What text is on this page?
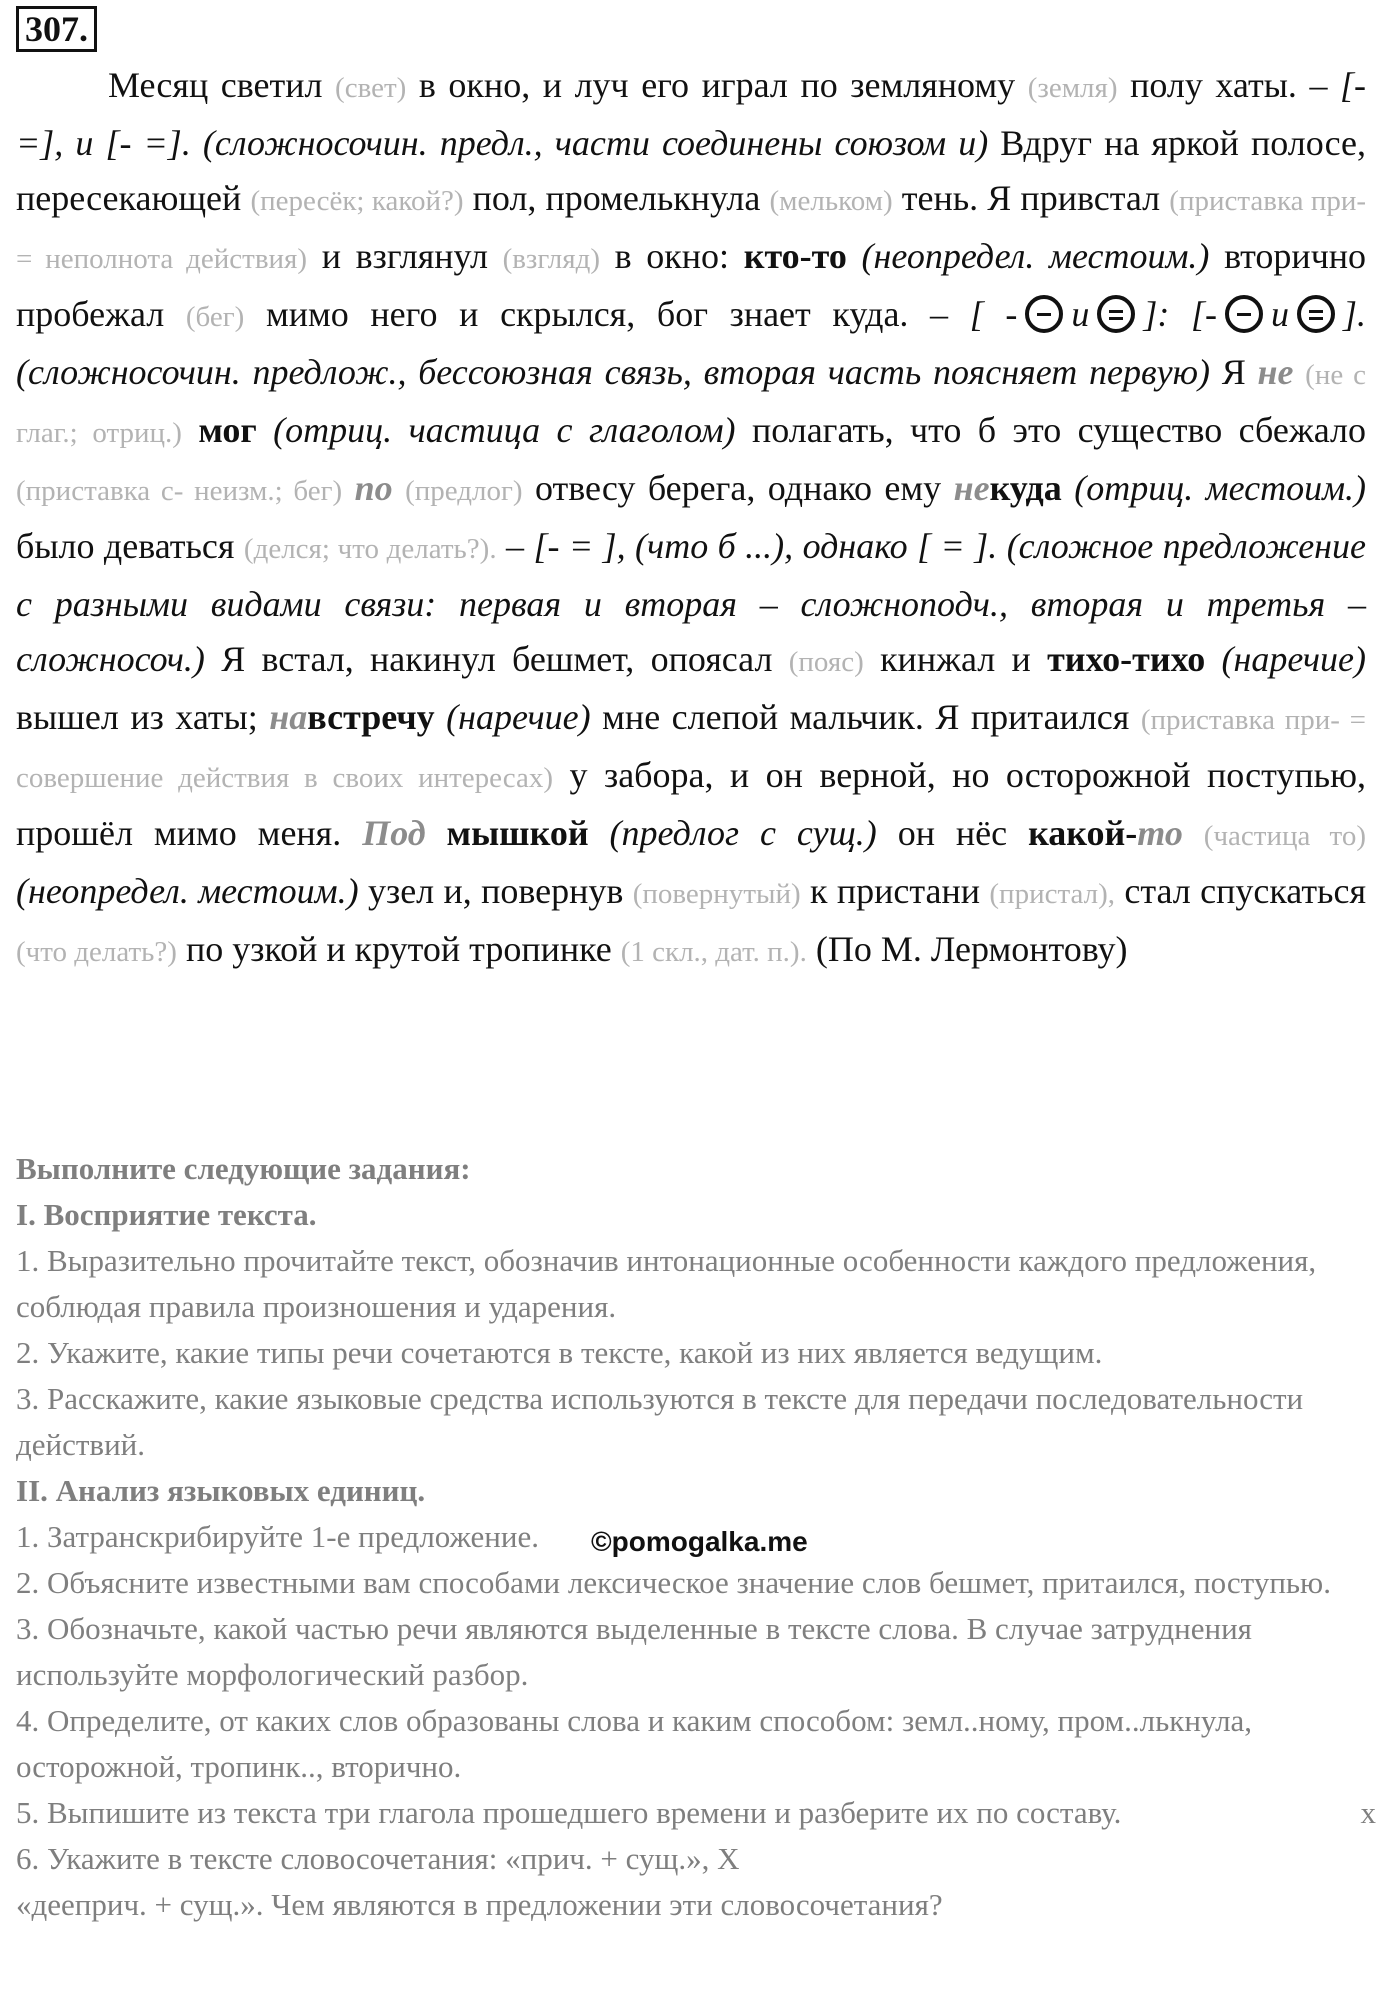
307.
Месяц светил (свет) в окно, и луч его играл по земляному (земля) полу хаты. – [- =], и [- =]. (сложносочин. предл., части соединены союзом и) Вдруг на яркой полосе, пересекающей (пересёк; какой?) пол, промелькнула (мельком) тень. Я привстал (приставка при-= неполнота действия) и взглянул (взгляд) в окно: кто-то (неопредел. местоим.) вторично пробежал (бег) мимо него и скрылся, бог знает куда. – [ - и ]: [- и ]. (сложносочин. предлож., бессоюзная связь, вторая часть поясняет первую) Я не (не с глаг.; отриц.) мог (отриц. частица с глаголом) полагать, что б это существо сбежало (приставка с- неизм.; бег) по (предлог) отвесу берега, однако ему некуда (отриц. местоим.) было деваться (делся; что делать?). – [- = ], (что б ...), однако [ = ]. (сложное предложение с разными видами связи: первая и вторая – сложноподч., вторая и третья – сложносоч.) Я встал, накинул бешмет, опоясал (пояс) кинжал и тихо-тихо (наречие) вышел из хаты; навстречу (наречие) мне слепой мальчик. Я притаился (приставка при- = совершение действия в своих интересах) у забора, и он верной, но осторожной поступью, прошёл мимо меня. Под мышкой (предлог с сущ.) он нёс какой-то (частица то) (неопредел. местоим.) узел и, повернув (повернутый) к пристани (пристал), стал спускаться (что делать?) по узкой и крутой тропинке (1 скл., дат. п.). (По М. Лермонтову)
Выполните следующие задания:
I. Восприятие текста.
1. Выразительно прочитайте текст, обозначив интонационные особенности каждого предложения, соблюдая правила произношения и ударения.
2. Укажите, какие типы речи сочетаются в тексте, какой из них является ведущим.
3. Расскажите, какие языковые средства используются в тексте для передачи последовательности действий.
II. Анализ языковых единиц.
1. Затранскрибируйте 1-е предложение.
2. Объясните известными вам способами лексическое значение слов бешмет, притаился, поступью.
3. Обозначьте, какой частью речи являются выделенные в тексте слова. В случае затруднения используйте морфологический разбор.
4. Определите, от каких слов образованы слова и каким способом: земл..ному, пром..лькнула, осторожной, тропинк.., вторично.
5. Выпишите из текста три глагола прошедшего времени и разберите их по составу.	х
6. Укажите в тексте словосочетания: «прич. + сущ.», Х
«дееприч. + сущ.». Чем являются в предложении эти словосочетания?
©pomogalka.me
